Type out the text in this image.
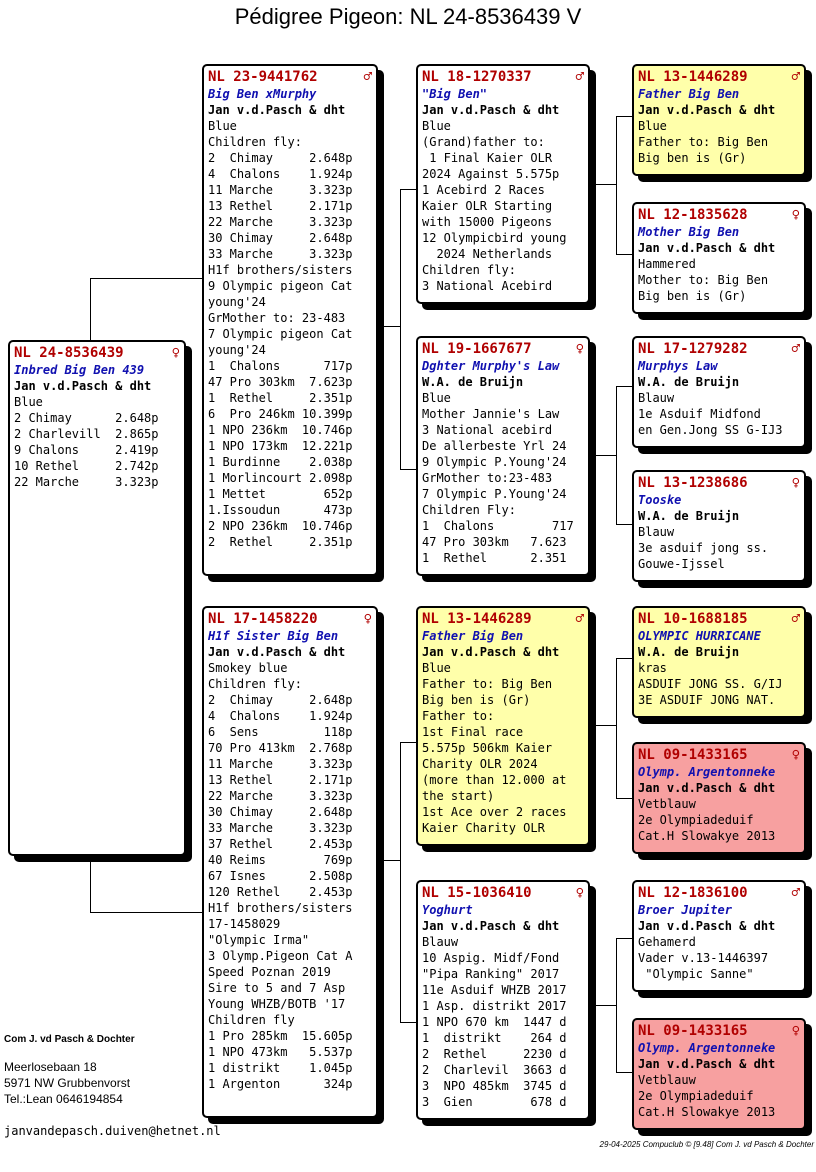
Pédigree Pigeon: NL 24-8536439 V
NL 24-8536439	♀
Inbred Big Ben 439
Jan v.d.Pasch & dht
Blue
2 Chimay      2.648p
2 Charlevill  2.865p
9 Chalons     2.419p
10 Rethel     2.742p
22 Marche     3.323p
NL 23-9441762	♂
Big Ben xMurphy
Jan v.d.Pasch & dht
Blue
Children fly:
2  Chimay     2.648p
4  Chalons    1.924p
11 Marche     3.323p
13 Rethel     2.171p
22 Marche     3.323p
30 Chimay     2.648p
33 Marche     3.323p
H1f brothers/sisters
9 Olympic pigeon Cat
young'24
GrMother to: 23-483
7 Olympic pigeon Cat
young'24
1  Chalons      717p
47 Pro 303km  7.623p
1  Rethel     2.351p
6  Pro 246km 10.399p
1 NPO 236km  10.746p
1 NPO 173km  12.221p
1 Burdinne    2.038p
1 Morlincourt 2.098p
1 Mettet        652p
1.Issoudun      473p
2 NPO 236km  10.746p
2  Rethel     2.351p
NL 17-1458220	♀
H1f Sister Big Ben
Jan v.d.Pasch & dht
Smokey blue
Children fly:
2  Chimay     2.648p
4  Chalons    1.924p
6  Sens         118p
70 Pro 413km  2.768p
11 Marche     3.323p
13 Rethel     2.171p
22 Marche     3.323p
30 Chimay     2.648p
33 Marche     3.323p
37 Rethel     2.453p
40 Reims        769p
67 Isnes      2.508p
120 Rethel    2.453p
H1f brothers/sisters
17-1458029
"Olympic Irma"
3 Olymp.Pigeon Cat A
Speed Poznan 2019
Sire to 5 and 7 Asp
Young WHZB/BOTB '17
Children fly
1 Pro 285km  15.605p
1 NPO 473km   5.537p
1 distrikt    1.045p
1 Argenton      324p
NL 18-1270337	♂
"Big Ben"
Jan v.d.Pasch & dht
Blue
(Grand)father to:
1 Final Kaier OLR
2024 Against 5.575p
1 Acebird 2 Races
Kaier OLR Starting
with 15000 Pigeons
12 Olympicbird young
2024 Netherlands
Children fly:
3 National Acebird
NL 19-1667677	♀
Dghter Murphy's Law
W.A. de Bruijn
Blue
Mother Jannie's Law
3 National acebird
De allerbeste Yrl 24
9 Olympic P.Young'24
GrMother to:23-483
7 Olympic P.Young'24
Children Fly:
1  Chalons        717
47 Pro 303km   7.623
1  Rethel      2.351
NL 13-1446289	♂
Father Big Ben
Jan v.d.Pasch & dht
Blue
Father to: Big Ben
Big ben is (Gr)
Father to:
1st Final race
5.575p 506km Kaier
Charity OLR 2024
(more than 12.000 at
the start)
1st Ace over 2 races
Kaier Charity OLR
NL 15-1036410	♀
Yoghurt
Jan v.d.Pasch & dht
Blauw
10 Aspig. Midf/Fond
"Pipa Ranking" 2017
11e Asduif WHZB 2017
1 Asp. distrikt 2017
1 NPO 670 km  1447 d
1  distrikt    264 d
2  Rethel     2230 d
2  Charlevil  3663 d
3  NPO 485km  3745 d
3  Gien        678 d
NL 13-1446289	♂
Father Big Ben
Jan v.d.Pasch & dht
Blue
Father to: Big Ben
Big ben is (Gr)
NL 12-1835628	♀
Mother Big Ben
Jan v.d.Pasch & dht
Hammered
Mother to: Big Ben
Big ben is (Gr)
NL 17-1279282	♂
Murphys Law
W.A. de Bruijn
Blauw
1e Asduif Midfond
en Gen.Jong SS G-IJ3
NL 13-1238686	♀
Tooske
W.A. de Bruijn
Blauw
3e asduif jong ss.
Gouwe-Ijssel
NL 10-1688185	♂
OLYMPIC HURRICANE
W.A. de Bruijn
kras
ASDUIF JONG SS. G/IJ
3E ASDUIF JONG NAT.
NL 09-1433165	♀
Olymp. Argentonneke
Jan v.d.Pasch & dht
Vetblauw
2e Olympiadeduif
Cat.H Slowakye 2013
NL 12-1836100	♂
Broer Jupiter
Jan v.d.Pasch & dht
Gehamerd
Vader v.13-1446397
"Olympic Sanne"
NL 09-1433165	♀
Olymp. Argentonneke
Jan v.d.Pasch & dht
Vetblauw
2e Olympiadeduif
Cat.H Slowakye 2013
Com J. vd Pasch & Dochter
Meerlosebaan 18
5971 NW Grubbenvorst
Tel.:Lean 0646194854
janvandepasch.duiven@hetnet.nl
29-04-2025 Compuclub © [9.48] Com J. vd Pasch & Dochter
